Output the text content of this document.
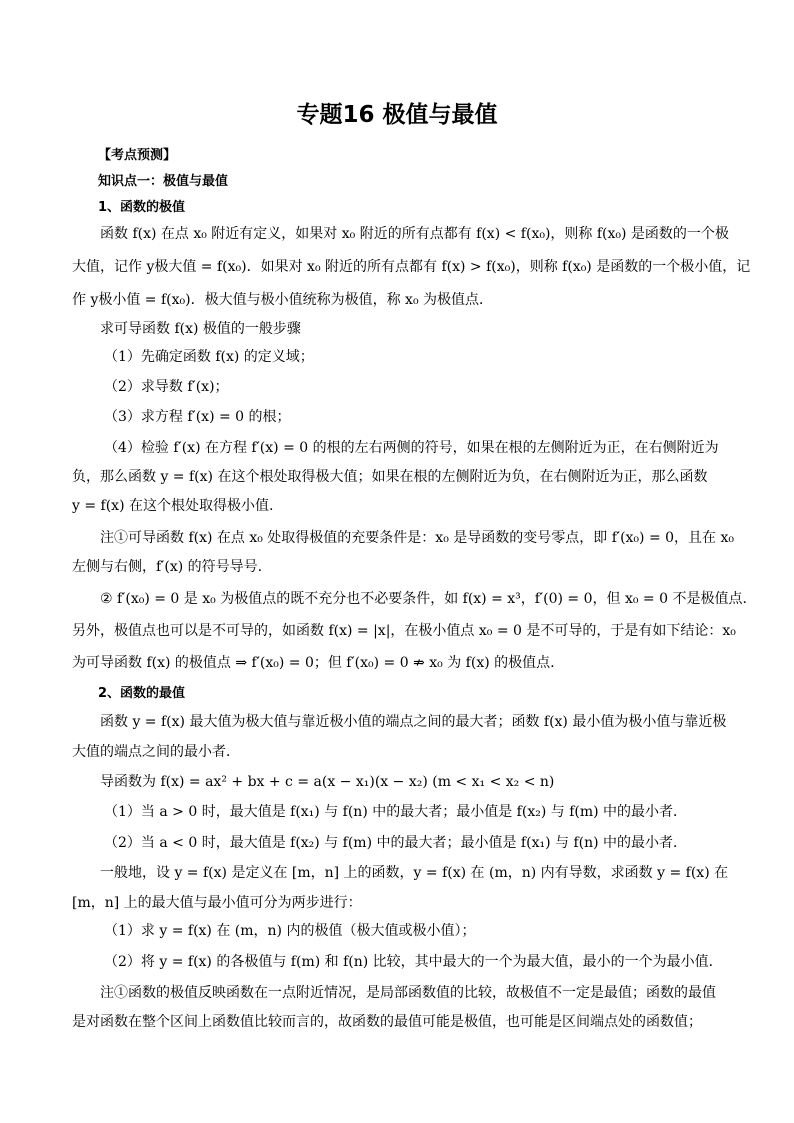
专题16 极值与最值
【考点预测】
知识点一：极值与最值
1、函数的极值
函数 f(x) 在点 x₀ 附近有定义，如果对 x₀ 附近的所有点都有 f(x) < f(x₀)，则称 f(x₀) 是函数的一个极
大值，记作 y极大值 = f(x₀)．如果对 x₀ 附近的所有点都有 f(x) > f(x₀)，则称 f(x₀) 是函数的一个极小值，记
作 y极小值 = f(x₀)．极大值与极小值统称为极值，称 x₀ 为极值点．
求可导函数 f(x) 极值的一般步骤
（1）先确定函数 f(x) 的定义域；
（2）求导数 f′(x)；
（3）求方程 f′(x) = 0 的根；
（4）检验 f′(x) 在方程 f′(x) = 0 的根的左右两侧的符号，如果在根的左侧附近为正，在右侧附近为
负，那么函数 y = f(x) 在这个根处取得极大值；如果在根的左侧附近为负，在右侧附近为正，那么函数
y = f(x) 在这个根处取得极小值.
注①可导函数 f(x) 在点 x₀ 处取得极值的充要条件是：x₀ 是导函数的变号零点，即 f′(x₀) = 0，且在 x₀
左侧与右侧，f′(x) 的符号导号.
② f′(x₀) = 0 是 x₀ 为极值点的既不充分也不必要条件，如 f(x) = x³，f′(0) = 0，但 x₀ = 0 不是极值点.
另外，极值点也可以是不可导的，如函数 f(x) = |x|，在极小值点 x₀ = 0 是不可导的，于是有如下结论：x₀
为可导函数 f(x) 的极值点 ⇒ f′(x₀) = 0；但 f′(x₀) = 0 ⇏ x₀ 为 f(x) 的极值点.
2、函数的最值
函数 y = f(x) 最大值为极大值与靠近极小值的端点之间的最大者；函数 f(x) 最小值为极小值与靠近极
大值的端点之间的最小者．
导函数为 f(x) = ax² + bx + c = a(x − x₁)(x − x₂) (m < x₁ < x₂ < n)
（1）当 a > 0 时，最大值是 f(x₁) 与 f(n) 中的最大者；最小值是 f(x₂) 与 f(m) 中的最小者．
（2）当 a < 0 时，最大值是 f(x₂) 与 f(m) 中的最大者；最小值是 f(x₁) 与 f(n) 中的最小者．
一般地，设 y = f(x) 是定义在 [m，n] 上的函数，y = f(x) 在 (m，n) 内有导数，求函数 y = f(x) 在
[m，n] 上的最大值与最小值可分为两步进行：
（1）求 y = f(x) 在 (m，n) 内的极值（极大值或极小值）；
（2）将 y = f(x) 的各极值与 f(m) 和 f(n) 比较，其中最大的一个为最大值，最小的一个为最小值．
注①函数的极值反映函数在一点附近情况，是局部函数值的比较，故极值不一定是最值；函数的最值
是对函数在整个区间上函数值比较而言的，故函数的最值可能是极值，也可能是区间端点处的函数值；
